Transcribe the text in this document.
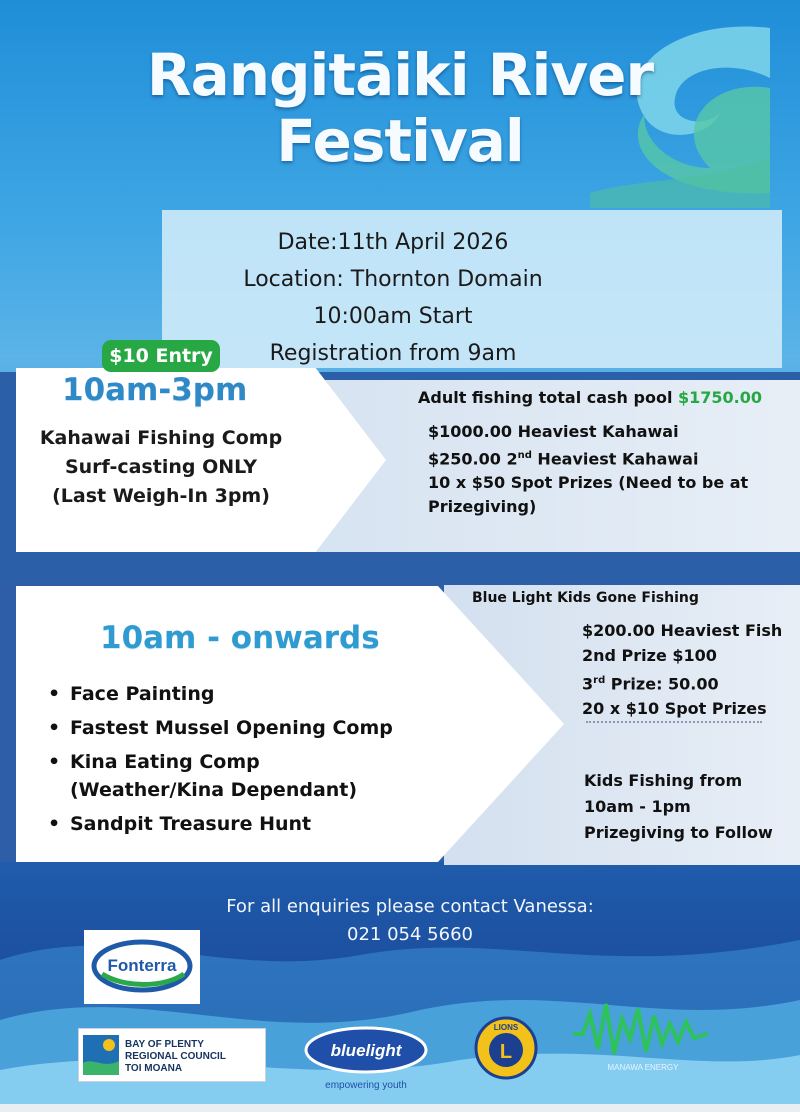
Rangitāiki River
Festival
Date:11th April 2026
Location: Thornton Domain
10:00am Start
Registration from 9am
$10 Entry
10am-3pm
Kahawai Fishing Comp
Surf-casting ONLY
(Last Weigh-In 3pm)
Adult fishing total cash pool $1750.00
$1000.00 Heaviest Kahawai
$250.00 2nd Heaviest Kahawai
10 x $50 Spot Prizes (Need to be at
Prizegiving)
10am - onwards
• Face Painting
• Fastest Mussel Opening Comp
• Kina Eating Comp
(Weather/Kina Dependant)
• Sandpit Treasure Hunt
Blue Light Kids Gone Fishing
$200.00 Heaviest Fish
2nd Prize $100
3rd Prize: 50.00
20 x $10 Spot Prizes
Kids Fishing from
10am - 1pm
Prizegiving to Follow
For all enquiries please contact Vanessa:
021 054 5660
Fonterra
BAY OF PLENTY
REGIONAL COUNCIL
TOI MOANA
bluelight
empowering youth
L
LIONS
MANAWA ENERGY
